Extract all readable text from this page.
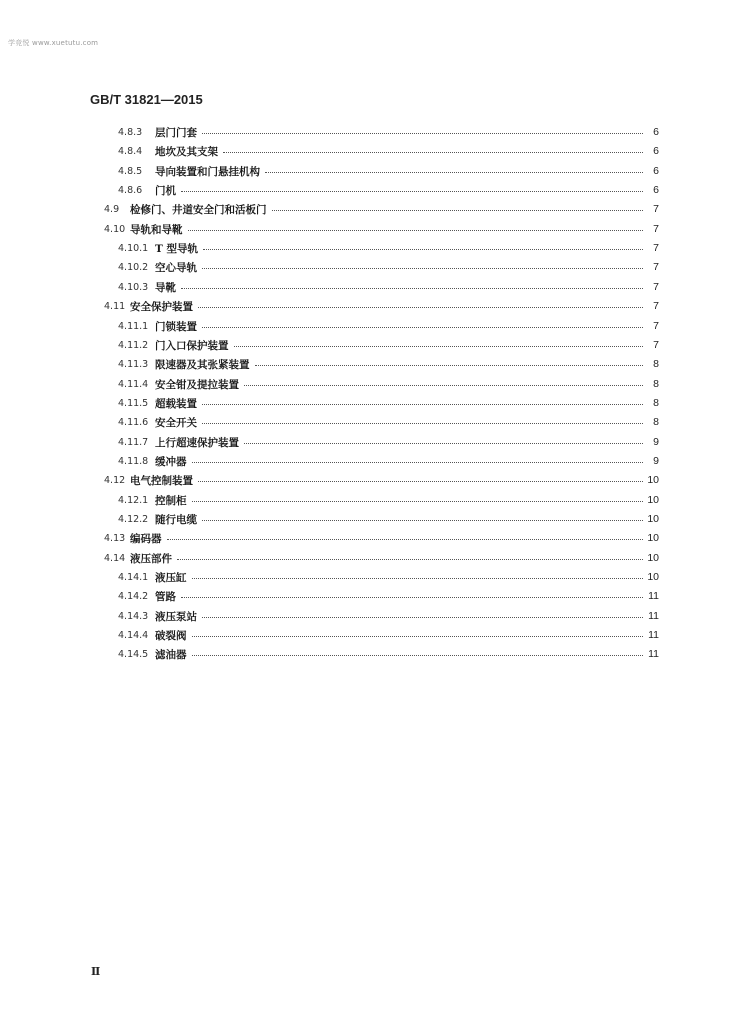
学竞悦 www.xuetutu.com
GB/T 31821—2015
4.8.3	层门门套	6
4.8.4	地坎及其支架	6
4.8.5	导向装置和门悬挂机构	6
4.8.6	门机	6
4.9	检修门、井道安全门和活板门	7
4.10 导轨和导靴	7
4.10.1 T 型导轨	7
4.10.2 空心导轨	7
4.10.3 导靴	7
4.11 安全保护装置	7
4.11.1 门锁装置	7
4.11.2 门入口保护装置	7
4.11.3 限速器及其张紧装置	8
4.11.4 安全钳及提拉装置	8
4.11.5 超载装置	8
4.11.6 安全开关	8
4.11.7 上行超速保护装置	9
4.11.8 缓冲器	9
4.12 电气控制装置	10
4.12.1 控制柜	10
4.12.2 随行电缆	10
4.13 编码器	10
4.14 液压部件	10
4.14.1 液压缸	10
4.14.2 管路	11
4.14.3 液压泵站	11
4.14.4 破裂阀	11
4.14.5 滤油器	11
Ⅱ
